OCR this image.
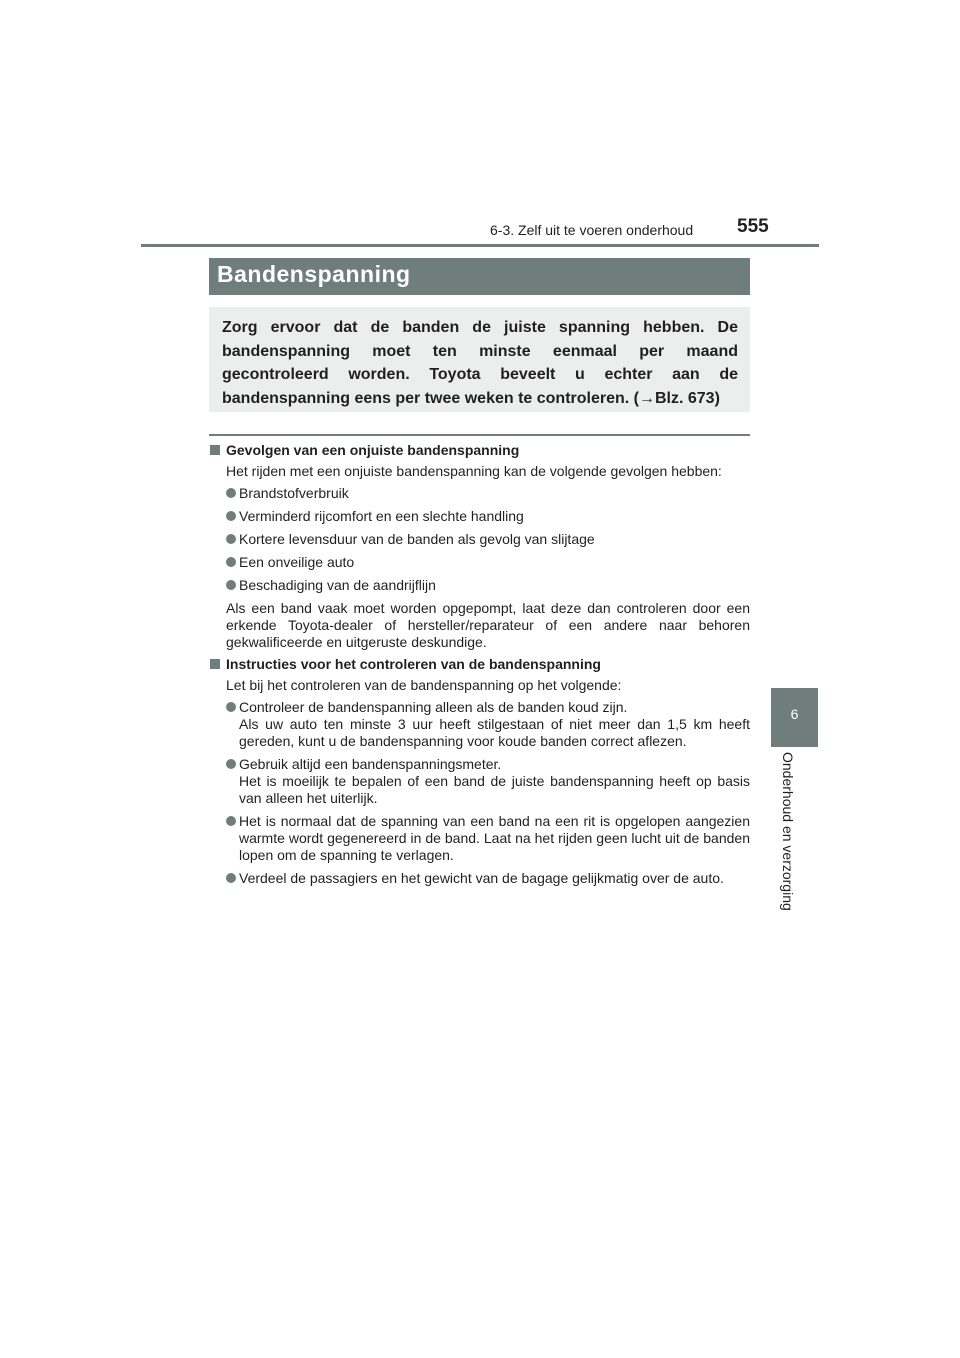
6-3. Zelf uit te voeren onderhoud 555
6
Onderhoud en verzorging
Bandenspanning
Zorg ervoor dat de banden de juiste spanning hebben. De bandenspanning moet ten minste eenmaal per maand gecontroleerd worden. Toyota beveelt u echter aan de bandenspanning eens per twee weken te controleren. (→Blz. 673)
Gevolgen van een onjuiste bandenspanning
Het rijden met een onjuiste bandenspanning kan de volgende gevolgen hebben:
Brandstofverbruik
Verminderd rijcomfort en een slechte handling
Kortere levensduur van de banden als gevolg van slijtage
Een onveilige auto
Beschadiging van de aandrijflijn
Als een band vaak moet worden opgepompt, laat deze dan controleren door een erkende Toyota-dealer of hersteller/reparateur of een andere naar behoren gekwalificeerde en uitgeruste deskundige.
Instructies voor het controleren van de bandenspanning
Let bij het controleren van de bandenspanning op het volgende:
Controleer de bandenspanning alleen als de banden koud zijn.
Als uw auto ten minste 3 uur heeft stilgestaan of niet meer dan 1,5 km heeft gereden, kunt u de bandenspanning voor koude banden correct aflezen.
Gebruik altijd een bandenspanningsmeter.
Het is moeilijk te bepalen of een band de juiste bandenspanning heeft op basis van alleen het uiterlijk.
Het is normaal dat de spanning van een band na een rit is opgelopen aangezien warmte wordt gegenereerd in de band. Laat na het rijden geen lucht uit de banden lopen om de spanning te verlagen.
Verdeel de passagiers en het gewicht van de bagage gelijkmatig over de auto.
